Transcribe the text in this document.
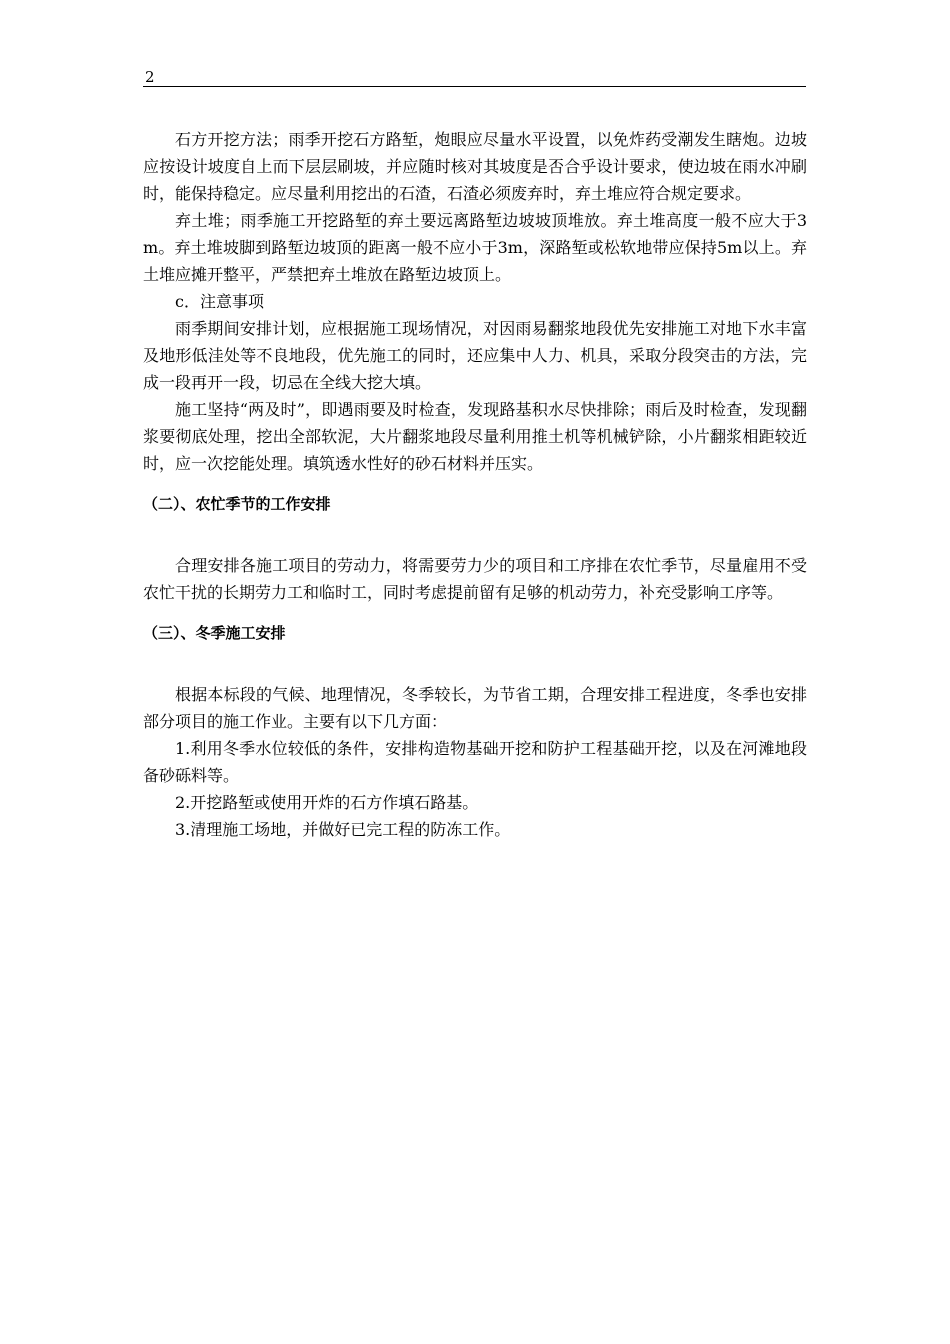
2

石方开挖方法；雨季开挖石方路堑，炮眼应尽量水平设置，以免炸药受潮发生瞎炮。边坡应按设计坡度自上而下层层刷坡，并应随时核对其坡度是否合乎设计要求，使边坡在雨水冲刷时，能保持稳定。应尽量利用挖出的石渣，石渣必须废弃时，弃土堆应符合规定要求。

弃土堆；雨季施工开挖路堑的弃土要远离路堑边坡坡顶堆放。弃土堆高度一般不应大于3m。弃土堆坡脚到路堑边坡顶的距离一般不应小于3m，深路堑或松软地带应保持5m以上。弃土堆应摊开整平，严禁把弃土堆放在路堑边坡顶上。

c．注意事项

雨季期间安排计划，应根据施工现场情况，对因雨易翻浆地段优先安排施工对地下水丰富及地形低洼处等不良地段，优先施工的同时，还应集中人力、机具，采取分段突击的方法，完成一段再开一段，切忌在全线大挖大填。

施工坚持“两及时”，即遇雨要及时检查，发现路基积水尽快排除；雨后及时检查，发现翻浆要彻底处理，挖出全部软泥，大片翻浆地段尽量利用推土机等机械铲除，小片翻浆相距较近时，应一次挖能处理。填筑透水性好的砂石材料并压实。

（二）、农忙季节的工作安排

合理安排各施工项目的劳动力，将需要劳力少的项目和工序排在农忙季节，尽量雇用不受农忙干扰的长期劳力工和临时工，同时考虑提前留有足够的机动劳力，补充受影响工序等。

（三）、冬季施工安排

根据本标段的气候、地理情况，冬季较长，为节省工期，合理安排工程进度，冬季也安排部分项目的施工作业。主要有以下几方面：

1.利用冬季水位较低的条件，安排构造物基础开挖和防护工程基础开挖，以及在河滩地段备砂砾料等。

2.开挖路堑或使用开炸的石方作填石路基。

3.清理施工场地，并做好已完工程的防冻工作。
